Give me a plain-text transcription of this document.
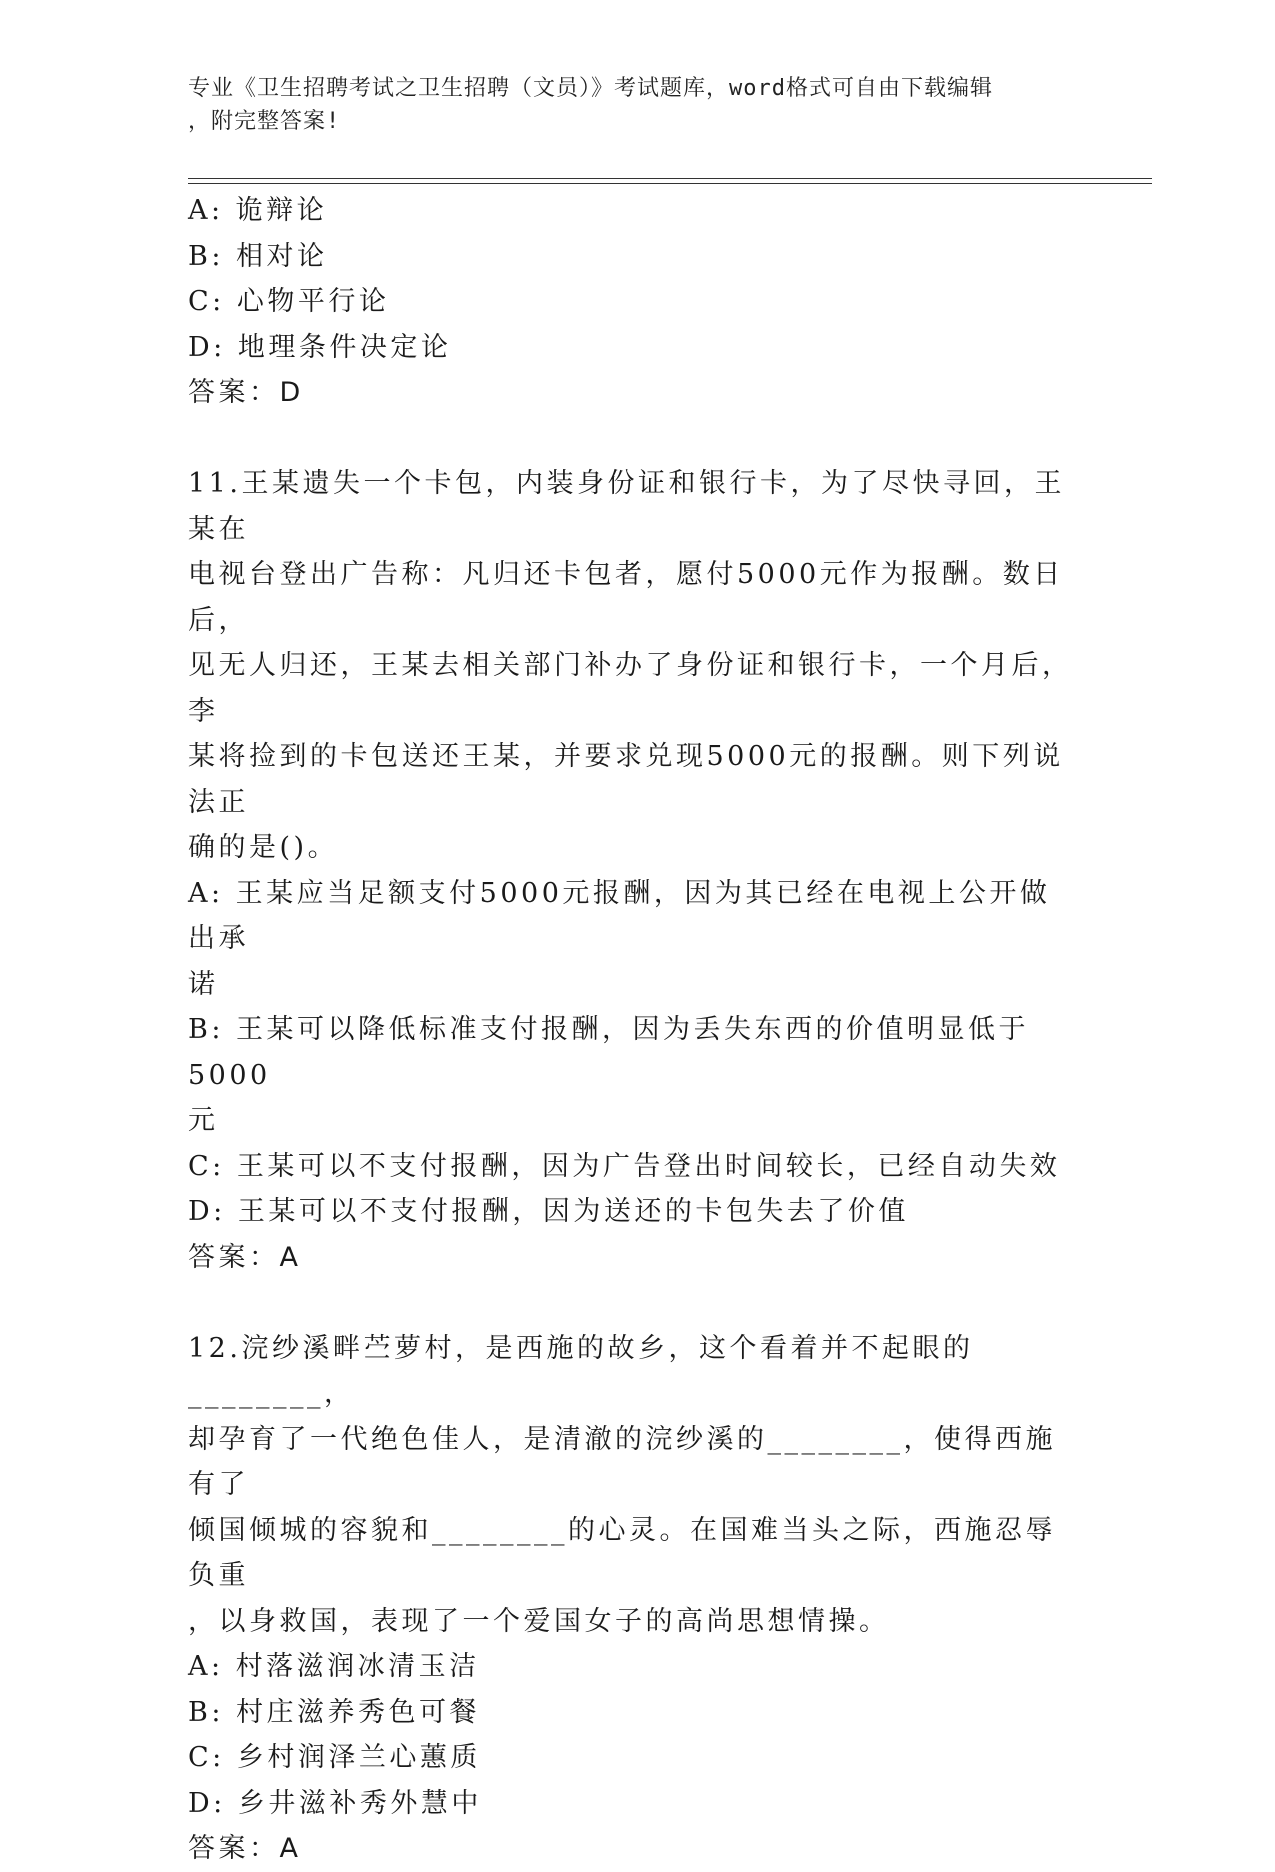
专业《卫生招聘考试之卫生招聘（文员）》考试题库，word格式可自由下载编辑
，附完整答案!
A: 诡辩论
B: 相对论
C: 心物平行论
D: 地理条件决定论
答案：D
11.王某遗失一个卡包，内装身份证和银行卡，为了尽快寻回，王某在
电视台登出广告称：凡归还卡包者，愿付5000元作为报酬。数日后，
见无人归还，王某去相关部门补办了身份证和银行卡，一个月后，李
某将捡到的卡包送还王某，并要求兑现5000元的报酬。则下列说法正
确的是()。
A: 王某应当足额支付5000元报酬，因为其已经在电视上公开做出承
诺
B: 王某可以降低标准支付报酬，因为丢失东西的价值明显低于5000
元
C: 王某可以不支付报酬，因为广告登出时间较长，已经自动失效
D: 王某可以不支付报酬，因为送还的卡包失去了价值
答案：A
12.浣纱溪畔苎萝村，是西施的故乡，这个看着并不起眼的________，
却孕育了一代绝色佳人，是清澈的浣纱溪的________，使得西施有了
倾国倾城的容貌和________的心灵。在国难当头之际，西施忍辱负重
，以身救国，表现了一个爱国女子的高尚思想情操。
A: 村落滋润冰清玉洁
B: 村庄滋养秀色可餐
C: 乡村润泽兰心蕙质
D: 乡井滋补秀外慧中
答案：A
